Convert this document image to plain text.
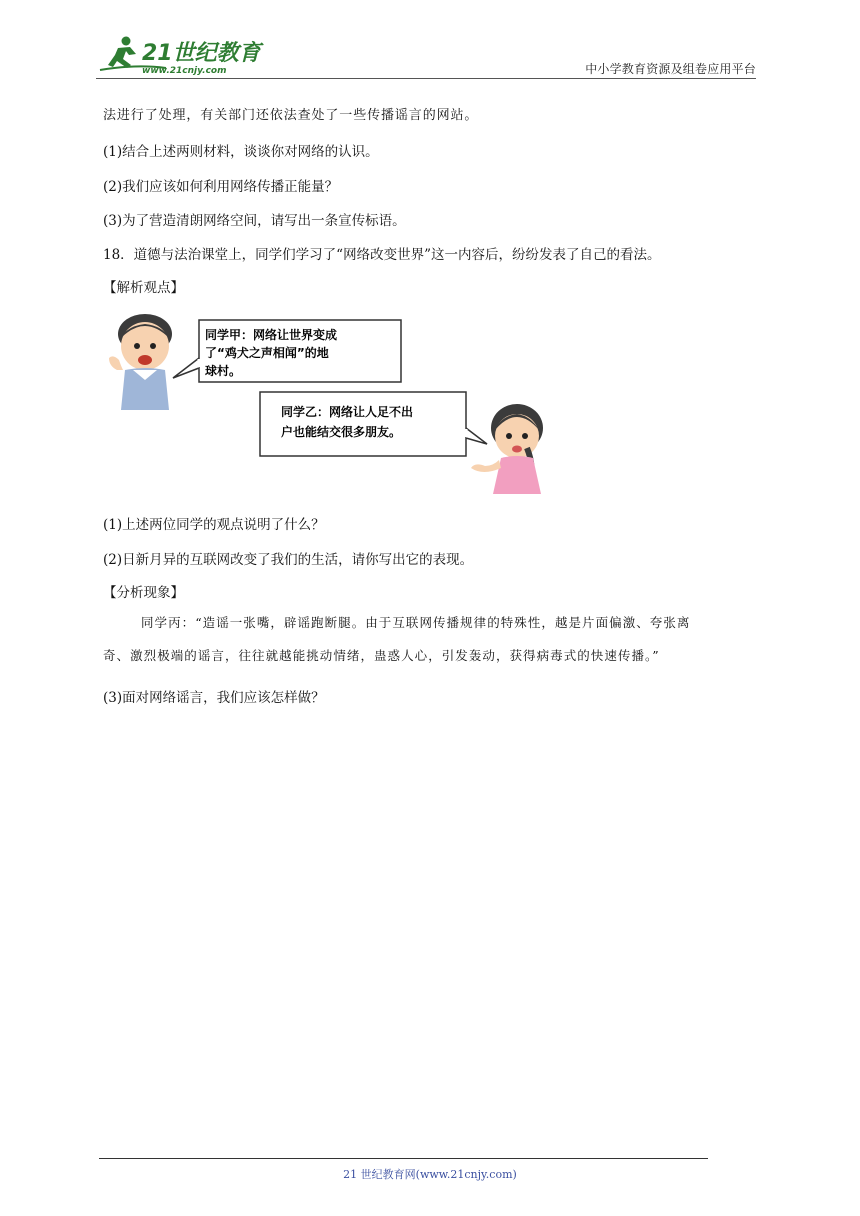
21世纪教育
www.21cnjy.com	中小学教育资源及组卷应用平台
法进行了处理，有关部门还依法查处了一些传播谣言的网站。
(1)结合上述两则材料，谈谈你对网络的认识。
(2)我们应该如何利用网络传播正能量？
(3)为了营造清朗网络空间，请写出一条宣传标语。
18．道德与法治课堂上，同学们学习了“网络改变世界”这一内容后，纷纷发表了自己的看法。
【解析观点】
同学甲：网络让世界变成
了“鸡犬之声相闻”的地
球村。
同学乙：网络让人足不出
户也能结交很多朋友。
(1)上述两位同学的观点说明了什么？
(2)日新月异的互联网改变了我们的生活，请你写出它的表现。
【分析现象】
同学丙：“造谣一张嘴，辟谣跑断腿。由于互联网传播规律的特殊性，越是片面偏激、夸张离
奇、激烈极端的谣言，往往就越能挑动情绪，蛊惑人心，引发轰动，获得病毒式的快速传播。”
(3)面对网络谣言，我们应该怎样做？
21 世纪教育网(www.21cnjy.com)
